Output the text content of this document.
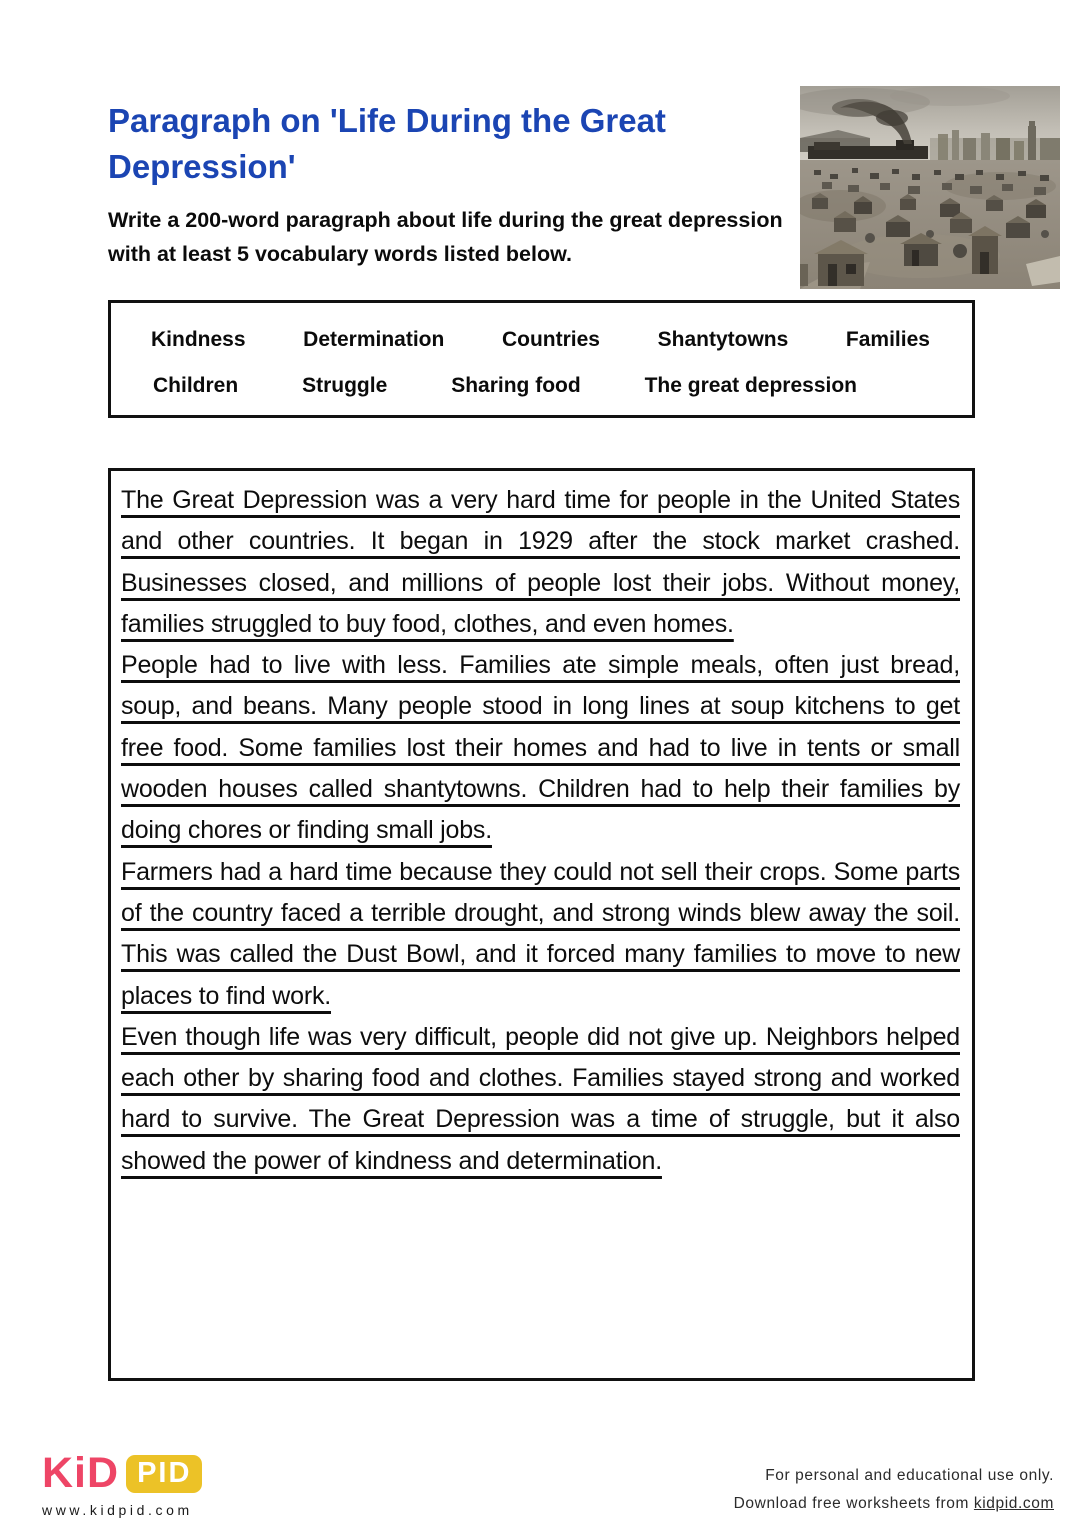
Paragraph on 'Life During the Great Depression'
Write a 200-word paragraph about life during the great depression with at least 5 vocabulary words listed below.
Kindness	Determination	Countries	Shantytowns	Families
Children	Struggle	Sharing food	The great depression

The Great Depression was a very hard time for people in the United States and other countries. It began in 1929 after the stock market crashed. Businesses closed, and millions of people lost their jobs. Without money, families struggled to buy food, clothes, and even homes.

People had to live with less. Families ate simple meals, often just bread, soup, and beans. Many people stood in long lines at soup kitchens to get free food. Some families lost their homes and had to live in tents or small wooden houses called shantytowns. Children had to help their families by doing chores or finding small jobs.

Farmers had a hard time because they could not sell their crops. Some parts of the country faced a terrible drought, and strong winds blew away the soil. This was called the Dust Bowl, and it forced many families to move to new places to find work.

Even though life was very difficult, people did not give up. Neighbors helped each other by sharing food and clothes. Families stayed strong and worked hard to survive. The Great Depression was a time of struggle, but it also showed the power of kindness and determination.

KiD PID
www.kidpid.com
For personal and educational use only.
Download free worksheets from kidpid.com
